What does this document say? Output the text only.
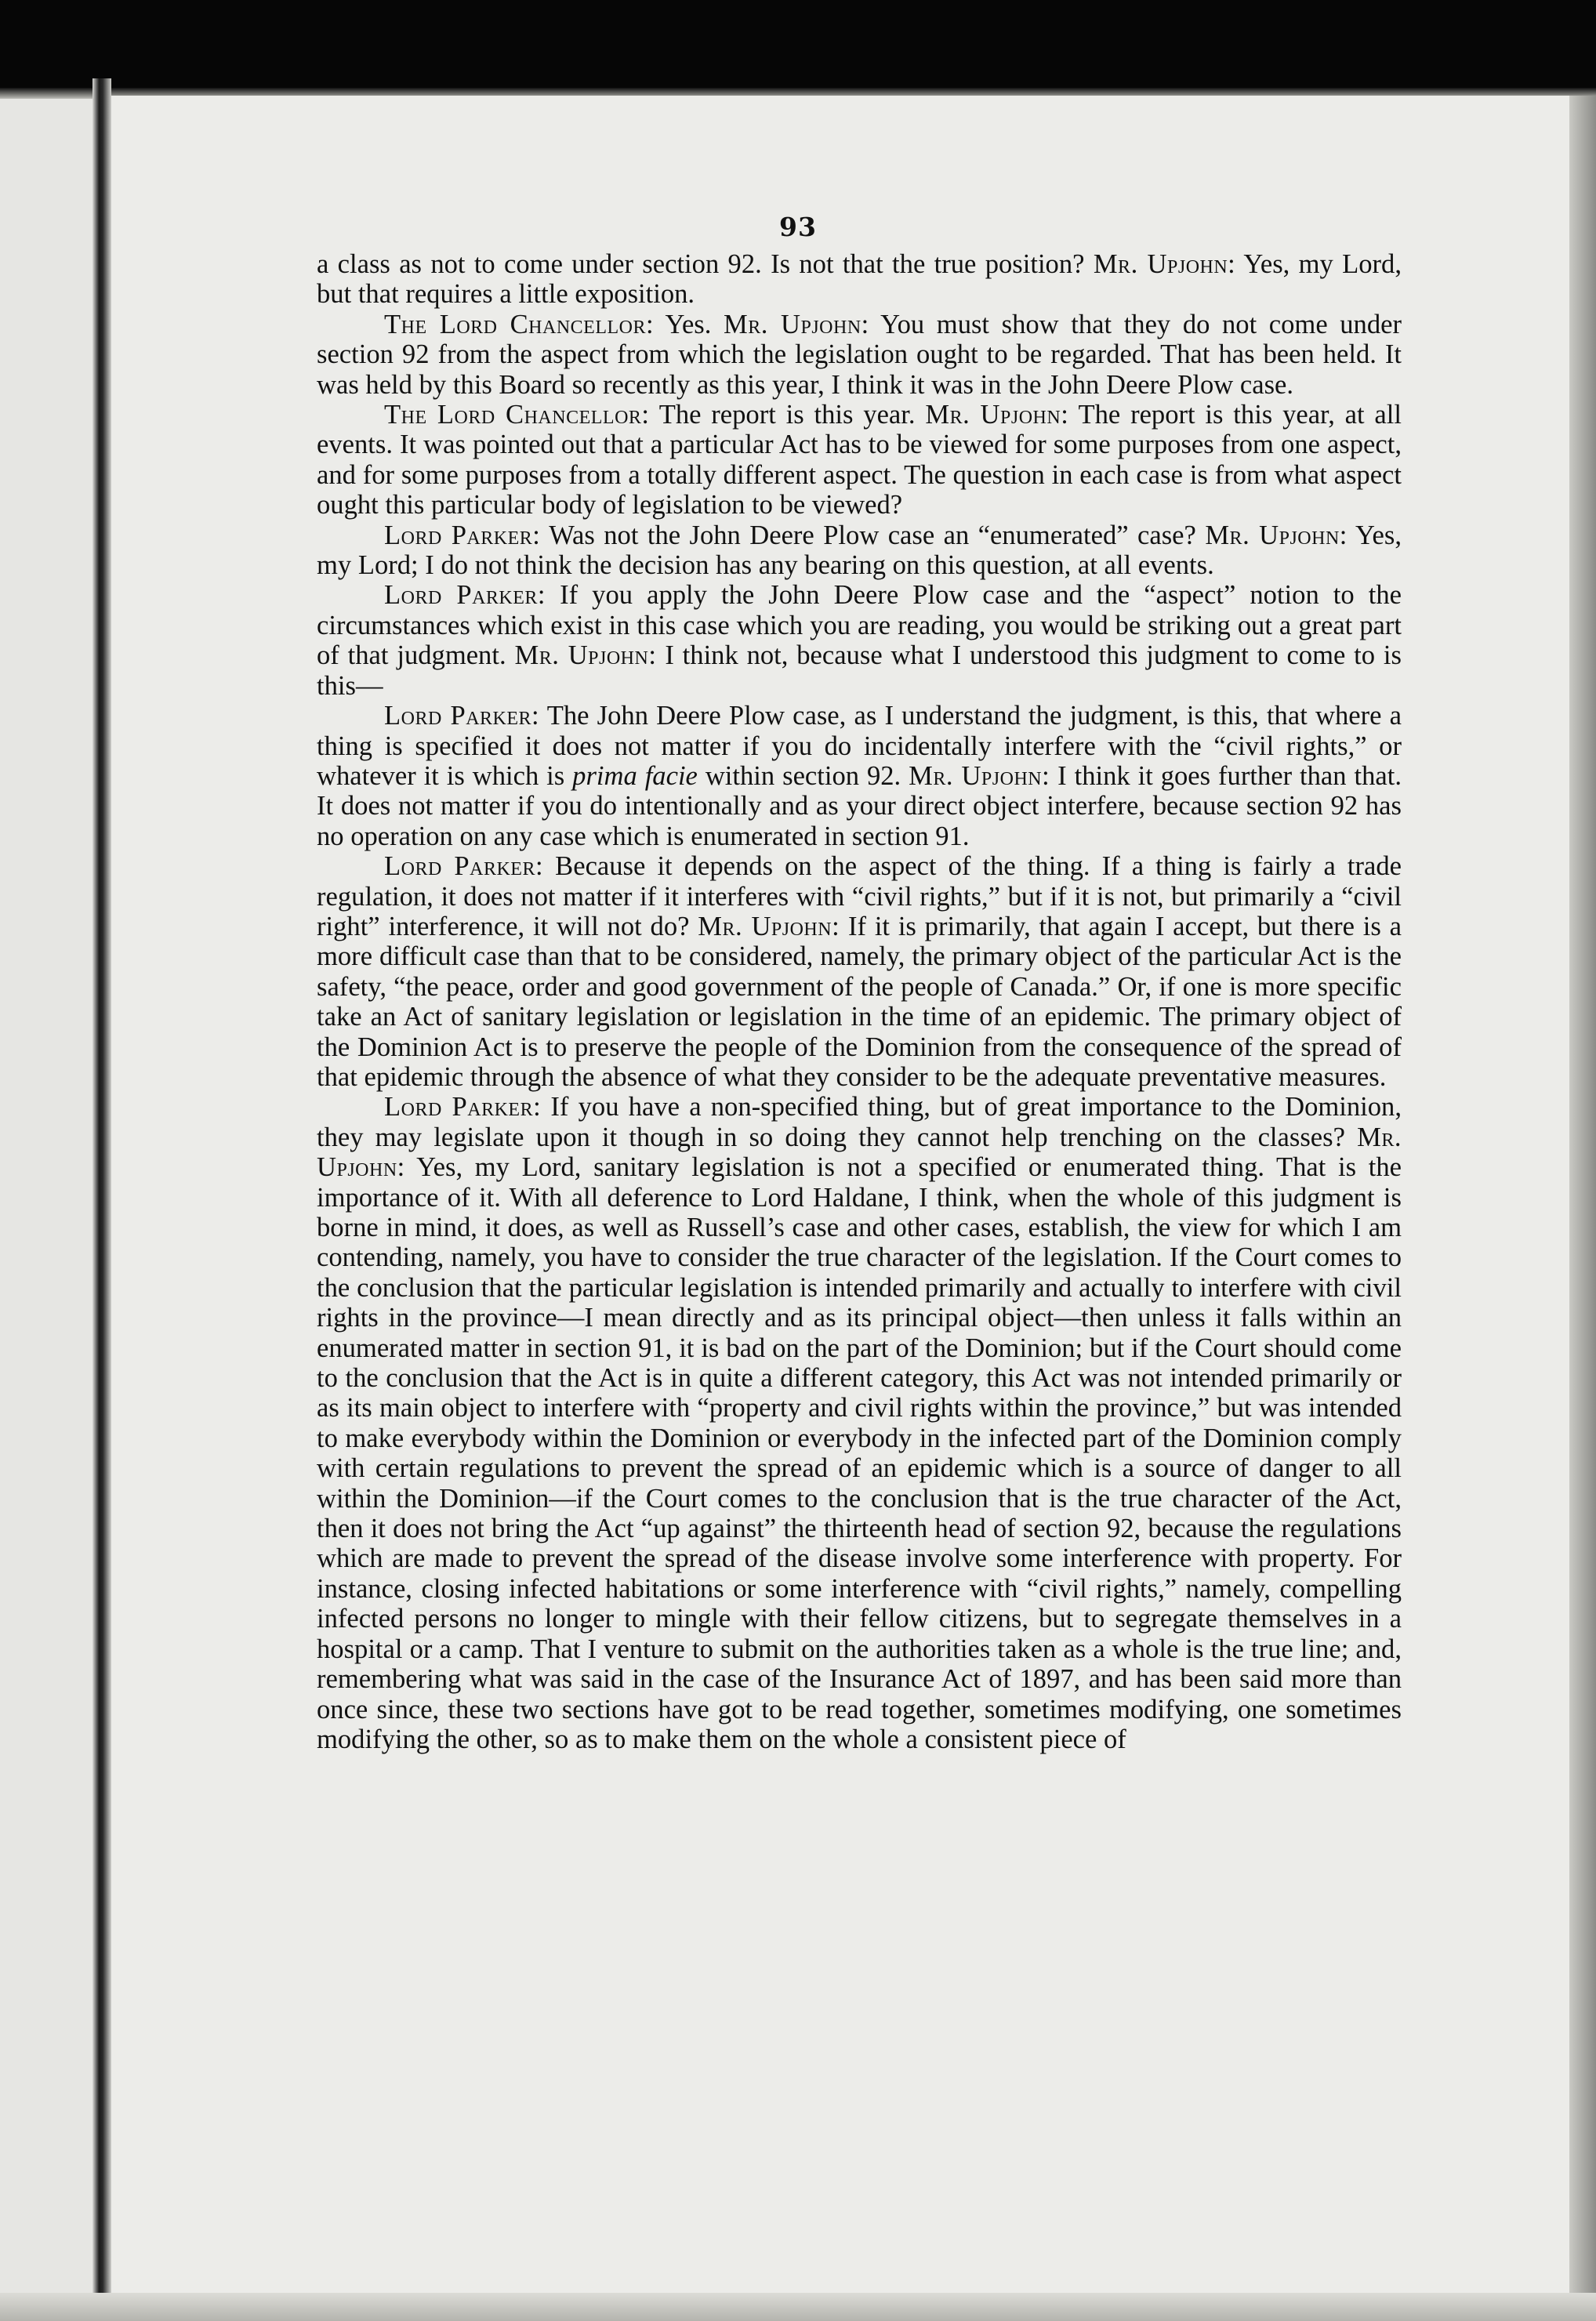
93

a class as not to come under section 92. Is not that the true position? Mr. Upjohn: Yes, my Lord, but that requires a little exposition.

The Lord Chancellor: Yes. Mr. Upjohn: You must show that they do not come under section 92 from the aspect from which the legislation ought to be regarded. That has been held. It was held by this Board so recently as this year, I think it was in the John Deere Plow case.

The Lord Chancellor: The report is this year. Mr. Upjohn: The report is this year, at all events. It was pointed out that a particular Act has to be viewed for some purposes from one aspect, and for some purposes from a totally different aspect. The question in each case is from what aspect ought this particular body of legislation to be viewed?

Lord Parker: Was not the John Deere Plow case an “enumerated” case? Mr. Upjohn: Yes, my Lord; I do not think the decision has any bearing on this question, at all events.

Lord Parker: If you apply the John Deere Plow case and the “aspect” notion to the circumstances which exist in this case which you are reading, you would be striking out a great part of that judgment. Mr. Upjohn: I think not, because what I understood this judgment to come to is this—

Lord Parker: The John Deere Plow case, as I understand the judgment, is this, that where a thing is specified it does not matter if you do incidentally interfere with the “civil rights,” or whatever it is which is prima facie within section 92. Mr. Upjohn: I think it goes further than that. It does not matter if you do intentionally and as your direct object interfere, because section 92 has no operation on any case which is enumerated in section 91.

Lord Parker: Because it depends on the aspect of the thing. If a thing is fairly a trade regulation, it does not matter if it interferes with “civil rights,” but if it is not, but primarily a “civil right” interference, it will not do? Mr. Upjohn: If it is primarily, that again I accept, but there is a more difficult case than that to be considered, namely, the primary object of the particular Act is the safety, “the peace, order and good government of the people of Canada.” Or, if one is more specific take an Act of sanitary legislation or legislation in the time of an epidemic. The primary object of the Dominion Act is to preserve the people of the Dominion from the consequence of the spread of that epidemic through the absence of what they consider to be the adequate preventative measures.

Lord Parker: If you have a non-specified thing, but of great importance to the Dominion, they may legislate upon it though in so doing they cannot help trenching on the classes? Mr. Upjohn: Yes, my Lord, sanitary legislation is not a specified or enumerated thing. That is the importance of it. With all deference to Lord Haldane, I think, when the whole of this judgment is borne in mind, it does, as well as Russell’s case and other cases, establish, the view for which I am contending, namely, you have to consider the true character of the legislation. If the Court comes to the conclusion that the particular legislation is intended primarily and actually to interfere with civil rights in the province—I mean directly and as its principal object—then unless it falls within an enumerated matter in section 91, it is bad on the part of the Dominion; but if the Court should come to the conclusion that the Act is in quite a different category, this Act was not intended primarily or as its main object to interfere with “property and civil rights within the province,” but was intended to make everybody within the Dominion or everybody in the infected part of the Dominion comply with certain regulations to prevent the spread of an epidemic which is a source of danger to all within the Dominion—if the Court comes to the conclusion that is the true character of the Act, then it does not bring the Act “up against” the thirteenth head of section 92, because the regulations which are made to prevent the spread of the disease involve some interference with property. For instance, closing infected habitations or some interference with “civil rights,” namely, compelling infected persons no longer to mingle with their fellow citizens, but to segregate themselves in a hospital or a camp. That I venture to submit on the authorities taken as a whole is the true line; and, remembering what was said in the case of the Insurance Act of 1897, and has been said more than once since, these two sections have got to be read together, sometimes modifying, one sometimes modifying the other, so as to make them on the whole a consistent piece of
